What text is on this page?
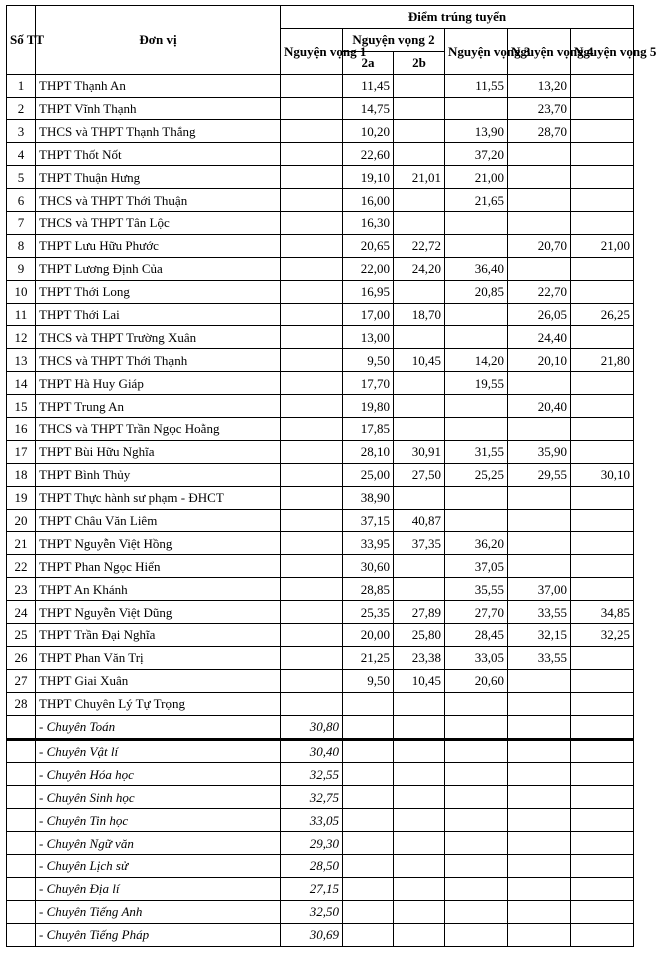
Số TT	Đơn vị	Điểm trúng tuyển					
		Nguyện vọng 1	Nguyện vọng 2		Nguyện vọng 3	Nguyện vọng 4	Nguyện vọng 5
			2a	2b			
1	THPT Thạnh An		11,45		11,55	13,20	
2	THPT Vĩnh Thạnh		14,75			23,70	
3	THCS và THPT Thạnh Thắng		10,20		13,90	28,70	
4	THPT Thốt Nốt		22,60		37,20		
5	THPT Thuận Hưng		19,10	21,01	21,00		
6	THCS và THPT Thới Thuận		16,00		21,65		
7	THCS và THPT Tân Lộc		16,30				
8	THPT Lưu Hữu Phước		20,65	22,72		20,70	21,00
9	THPT Lương Định Của		22,00	24,20	36,40		
10	THPT Thới Long		16,95		20,85	22,70	
11	THPT Thới Lai		17,00	18,70		26,05	26,25
12	THCS và THPT Trường Xuân		13,00			24,40	
13	THCS và THPT Thới Thạnh		9,50	10,45	14,20	20,10	21,80
14	THPT Hà Huy Giáp		17,70		19,55		
15	THPT Trung An		19,80			20,40	
16	THCS và THPT Trần Ngọc Hoằng		17,85				
17	THPT Bùi Hữu Nghĩa		28,10	30,91	31,55	35,90	
18	THPT Bình Thủy		25,00	27,50	25,25	29,55	30,10
19	THPT Thực hành sư phạm - ĐHCT		38,90				
20	THPT Châu Văn Liêm		37,15	40,87			
21	THPT Nguyễn Việt Hồng		33,95	37,35	36,20		
22	THPT Phan Ngọc Hiển		30,60		37,05		
23	THPT An Khánh		28,85		35,55	37,00	
24	THPT Nguyễn Việt Dũng		25,35	27,89	27,70	33,55	34,85
25	THPT Trần Đại Nghĩa		20,00	25,80	28,45	32,15	32,25
26	THPT Phan Văn Trị		21,25	23,38	33,05	33,55	
27	THPT Giai Xuân		9,50	10,45	20,60		
28	THPT Chuyên Lý Tự Trọng						
	- Chuyên Toán	30,80					
	- Chuyên Vật lí	30,40					
	- Chuyên Hóa học	32,55					
	- Chuyên Sinh học	32,75					
	- Chuyên Tin học	33,05					
	- Chuyên Ngữ văn	29,30					
	- Chuyên Lịch sử	28,50					
	- Chuyên Địa lí	27,15					
	- Chuyên Tiếng Anh	32,50					
	- Chuyên Tiếng Pháp	30,69					
